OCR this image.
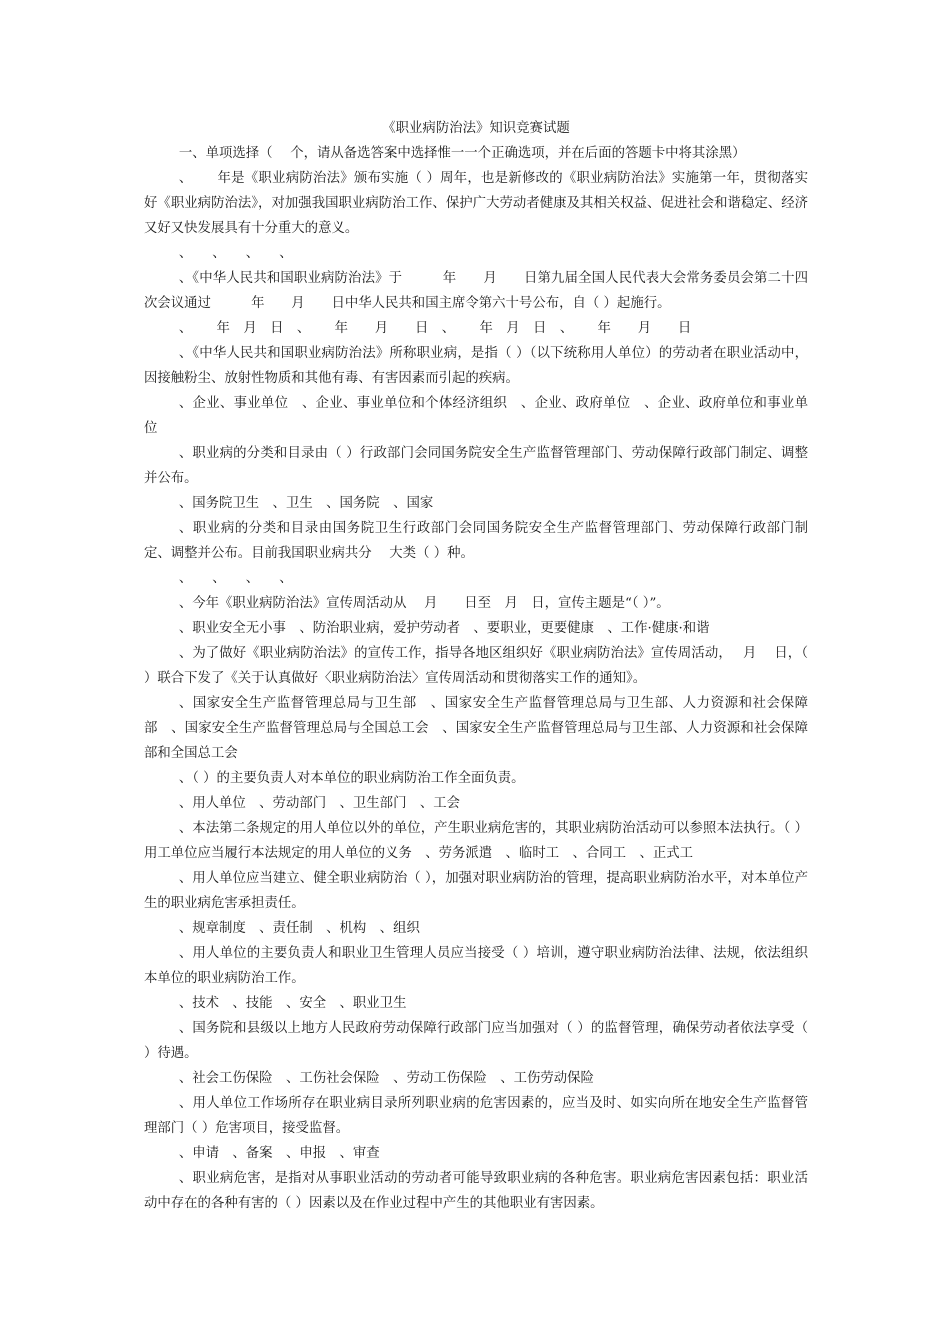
《职业病防治法》知识竞赛试题

一、单项选择（　 个，请从备选答案中选择惟一一个正确选项，并在后面的答题卡中将其涂黑）

、　　 年是《职业病防治法》颁布实施（ ）周年，也是新修改的《职业病防治法》实施第一年，贯彻落实好《职业病防治法》，对加强我国职业病防治工作、保护广大劳动者健康及其相关权益、促进社会和谐稳定、经济又好又快发展具有十分重大的意义。

、　　、　　、　　、

、《中华人民共和国职业病防治法》于　　　年　　月　　日第九届全国人民代表大会常务委员会第二十四次会议通过　　　年　　月　　日中华人民共和国主席令第六十号公布，自（ ）起施行。

、　　 年　月　日　、　　 年　　月　　日　、　　 年　月　日　、　　 年　　月　　日

、《中华人民共和国职业病防治法》所称职业病，是指（ ）（以下统称用人单位）的劳动者在职业活动中，因接触粉尘、放射性物质和其他有毒、有害因素而引起的疾病。

、企业、事业单位　、企业、事业单位和个体经济组织　、企业、政府单位　、企业、政府单位和事业单位

、职业病的分类和目录由（ ）行政部门会同国务院安全生产监督管理部门、劳动保障行政部门制定、调整并公布。

、国务院卫生　、卫生　、国务院　、国家

、职业病的分类和目录由国务院卫生行政部门会同国务院安全生产监督管理部门、劳动保障行政部门制定、调整并公布。目前我国职业病共分　 大类（ ）种。

、　　、　　、　　、

、今年《职业病防治法》宣传周活动从　 月　　日至　月　日，宣传主题是“（ ）”。

、职业安全无小事　、防治职业病，爱护劳动者　、要职业，更要健康　、工作·健康·和谐

、为了做好《职业病防治法》的宣传工作，指导各地区组织好《职业病防治法》宣传周活动，　 月　 日，（ ）联合下发了《关于认真做好〈职业病防治法〉宣传周活动和贯彻落实工作的通知》。

、国家安全生产监督管理总局与卫生部　、国家安全生产监督管理总局与卫生部、人力资源和社会保障部　、国家安全生产监督管理总局与全国总工会　、国家安全生产监督管理总局与卫生部、人力资源和社会保障部和全国总工会

、（ ）的主要负责人对本单位的职业病防治工作全面负责。

、用人单位　、劳动部门　、卫生部门　、工会

、本法第二条规定的用人单位以外的单位，产生职业病危害的，其职业病防治活动可以参照本法执行。（ ）用工单位应当履行本法规定的用人单位的义务　、劳务派遣　、临时工　、合同工　、正式工

、用人单位应当建立、健全职业病防治（ ），加强对职业病防治的管理，提高职业病防治水平，对本单位产生的职业病危害承担责任。

、规章制度　、责任制　、机构　、组织

、用人单位的主要负责人和职业卫生管理人员应当接受（ ）培训，遵守职业病防治法律、法规，依法组织本单位的职业病防治工作。

、技术　、技能　、安全　、职业卫生

、国务院和县级以上地方人民政府劳动保障行政部门应当加强对（ ）的监督管理，确保劳动者依法享受（ ）待遇。

、社会工伤保险　、工伤社会保险　、劳动工伤保险　、工伤劳动保险

、用人单位工作场所存在职业病目录所列职业病的危害因素的，应当及时、如实向所在地安全生产监督管理部门（ ）危害项目，接受监督。

、申请　、备案　、申报　、审查

、职业病危害，是指对从事职业活动的劳动者可能导致职业病的各种危害。职业病危害因素包括：职业活动中存在的各种有害的（ ）因素以及在作业过程中产生的其他职业有害因素。
